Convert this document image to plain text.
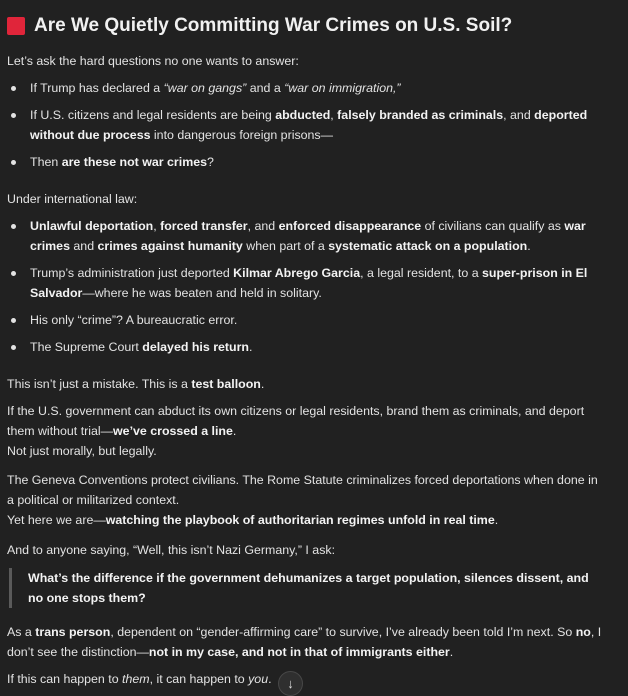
Are We Quietly Committing War Crimes on U.S. Soil?

Let’s ask the hard questions no one wants to answer:

If Trump has declared a “war on gangs” and a “war on immigration,”
If U.S. citizens and legal residents are being abducted, falsely branded as criminals, and deported without due process into dangerous foreign prisons—
Then are these not war crimes?

Under international law:

Unlawful deportation, forced transfer, and enforced disappearance of civilians can qualify as war crimes and crimes against humanity when part of a systematic attack on a population.
Trump’s administration just deported Kilmar Abrego Garcia, a legal resident, to a super-prison in El Salvador—where he was beaten and held in solitary.
His only “crime”? A bureaucratic error.
The Supreme Court delayed his return.

This isn’t just a mistake. This is a test balloon.

If the U.S. government can abduct its own citizens or legal residents, brand them as criminals, and deport them without trial—we’ve crossed a line.
Not just morally, but legally.

The Geneva Conventions protect civilians. The Rome Statute criminalizes forced deportations when done in a political or militarized context.
Yet here we are—watching the playbook of authoritarian regimes unfold in real time.

And to anyone saying, “Well, this isn’t Nazi Germany,” I ask:

What’s the difference if the government dehumanizes a target population, silences dissent, and no one stops them?

As a trans person, dependent on “gender-affirming care” to survive, I’ve already been told I’m next. So no, I don’t see the distinction—not in my case, and not in that of immigrants either.

If this can happen to them, it can happen to you.	↓
